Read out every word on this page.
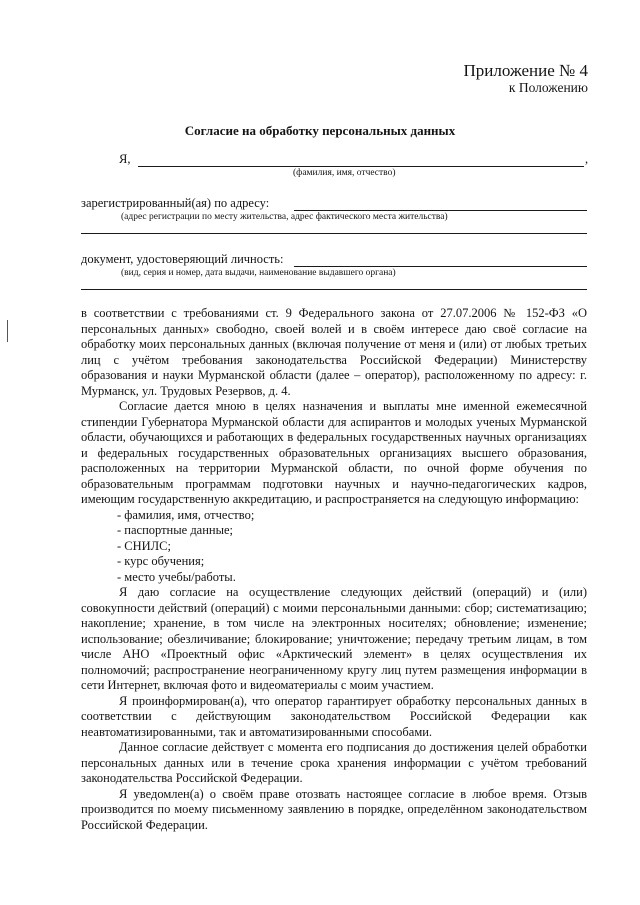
Приложение № 4
к Положению
Согласие на обработку персональных данных
Я,	,
(фамилия, имя, отчество)
зарегистрированный(ая) по адресу:
(адрес регистрации по месту жительства, адрес фактического места жительства)
документ, удостоверяющий личность:
(вид, серия и номер, дата выдачи, наименование выдавшего органа)

в соответствии с требованиями ст. 9 Федерального закона от 27.07.2006 № 152-ФЗ «О персональных данных» свободно, своей волей и в своём интересе даю своё согласие на обработку моих персональных данных (включая получение от меня и (или) от любых третьих лиц с учётом требования законодательства Российской Федерации) Министерству образования и науки Мурманской области (далее – оператор), расположенному по адресу: г. Мурманск, ул. Трудовых Резервов, д. 4.

Согласие дается мною в целях назначения и выплаты мне именной ежемесячной стипендии Губернатора Мурманской области для аспирантов и молодых ученых Мурманской области, обучающихся и работающих в федеральных государственных научных организациях и федеральных государственных образовательных организациях высшего образования, расположенных на территории Мурманской области, по очной форме обучения по образовательным программам подготовки научных и научно-педагогических кадров, имеющим государственную аккредитацию, и распространяется на следующую информацию:

- фамилия, имя, отчество;
- паспортные данные;
- СНИЛС;
- курс обучения;
- место учебы/работы.

Я даю согласие на осуществление следующих действий (операций) и (или) совокупности действий (операций) с моими персональными данными: сбор; систематизацию; накопление; хранение, в том числе на электронных носителях; обновление; изменение; использование; обезличивание; блокирование; уничтожение; передачу третьим лицам, в том числе АНО «Проектный офис «Арктический элемент» в целях осуществления их полномочий; распространение неограниченному кругу лиц путем размещения информации в сети Интернет, включая фото и видеоматериалы с моим участием.

Я проинформирован(а), что оператор гарантирует обработку персональных данных в соответствии с действующим законодательством Российской Федерации как неавтоматизированными, так и автоматизированными способами.

Данное согласие действует с момента его подписания до достижения целей обработки персональных данных или в течение срока хранения информации с учётом требований законодательства Российской Федерации.

Я уведомлен(а) о своём праве отозвать настоящее согласие в любое время. Отзыв производится по моему письменному заявлению в порядке, определённом законодательством Российской Федерации.
